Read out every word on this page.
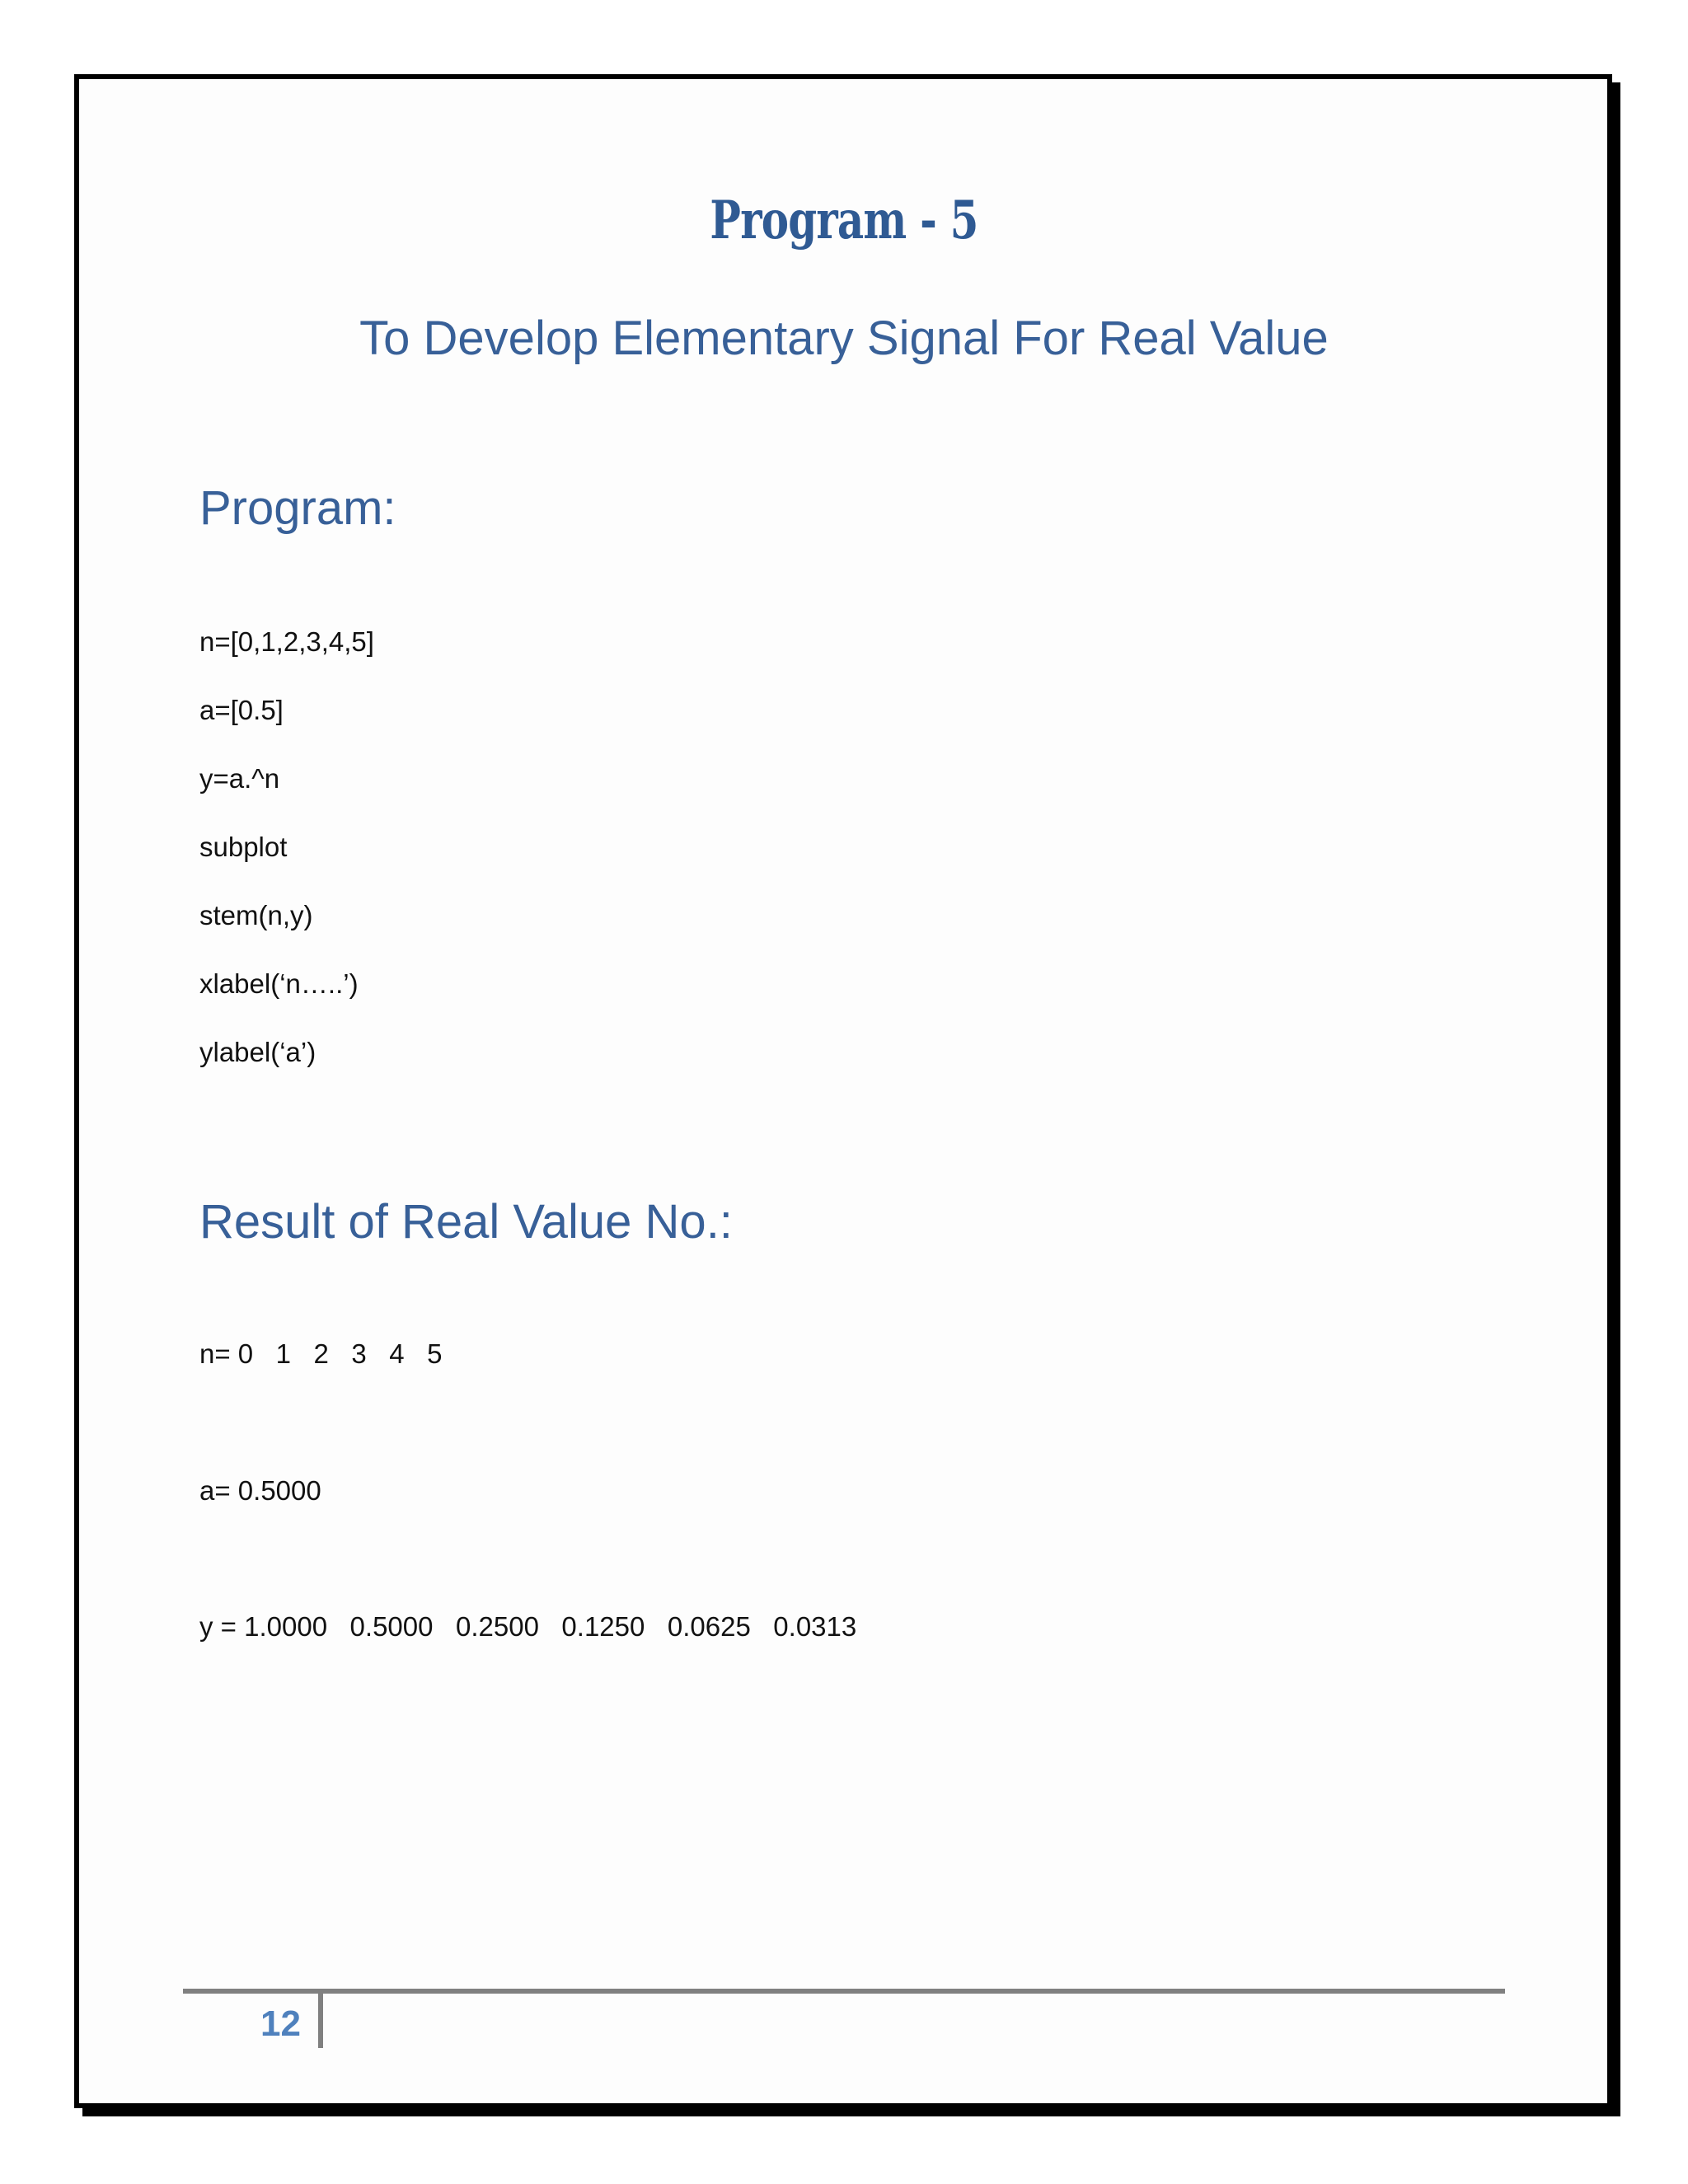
Program - 5
To Develop Elementary Signal For Real Value
Program:
n=[0,1,2,3,4,5]
a=[0.5]
y=a.^n
subplot
stem(n,y)
xlabel(‘n…..’)
ylabel(‘a’)
Result of Real Value No.:
n= 0   1   2   3   4   5
a= 0.5000
y = 1.0000   0.5000   0.2500   0.1250   0.0625   0.0313
12
